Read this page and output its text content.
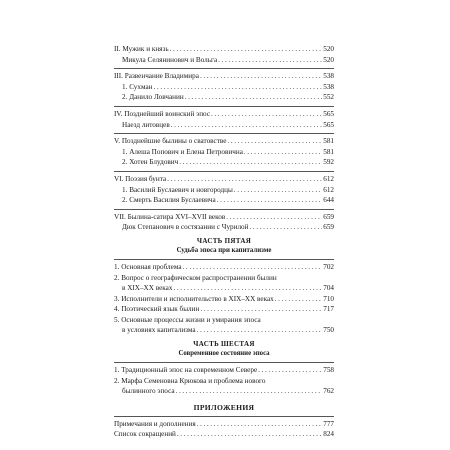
II. Мужик и князь .....	520
Микула Селянинович и Вольга .....	520
III. Развенчание Владимира .....	538
1. Сухман .....	538
2. Данило Ловчанин .....	552
IV. Позднейший воинский эпос .....	565
Наезд литовцев .....	565
V. Позднейшие былины о сватовстве .....	581
1. Алеша Попович и Елена Петровична .....	581
2. Хотен Блудович .....	592
VI. Поэзия бунта .....	612
1. Василий Буслаевич и новгородцы .....	612
2. Смерть Василия Буслаевича .....	644
VII. Былина-сатира XVI–XVII веков .....	659
Дюк Степанович в состязании с Чурилой .....	659
ЧАСТЬ ПЯТАЯ
Судьба эпоса при капитализме
1. Основная проблема .....	702
2. Вопрос о географическом распространении былин
в XIX–XX веках .....	704
3. Исполнители и исполнительство в XIX–XX веках .....	710
4. Поэтический язык былин .....	717
5. Основные процессы жизни и умирания эпоса
в условиях капитализма .....	750
ЧАСТЬ ШЕСТАЯ
Современное состояние эпоса
1. Традиционный эпос на современном Севере .....	758
2. Марфа Семеновна Крюкова и проблема нового
былинного эпоса .....	762
ПРИЛОЖЕНИЯ
Примечания и дополнения .....	777
Список сокращений .....	824
